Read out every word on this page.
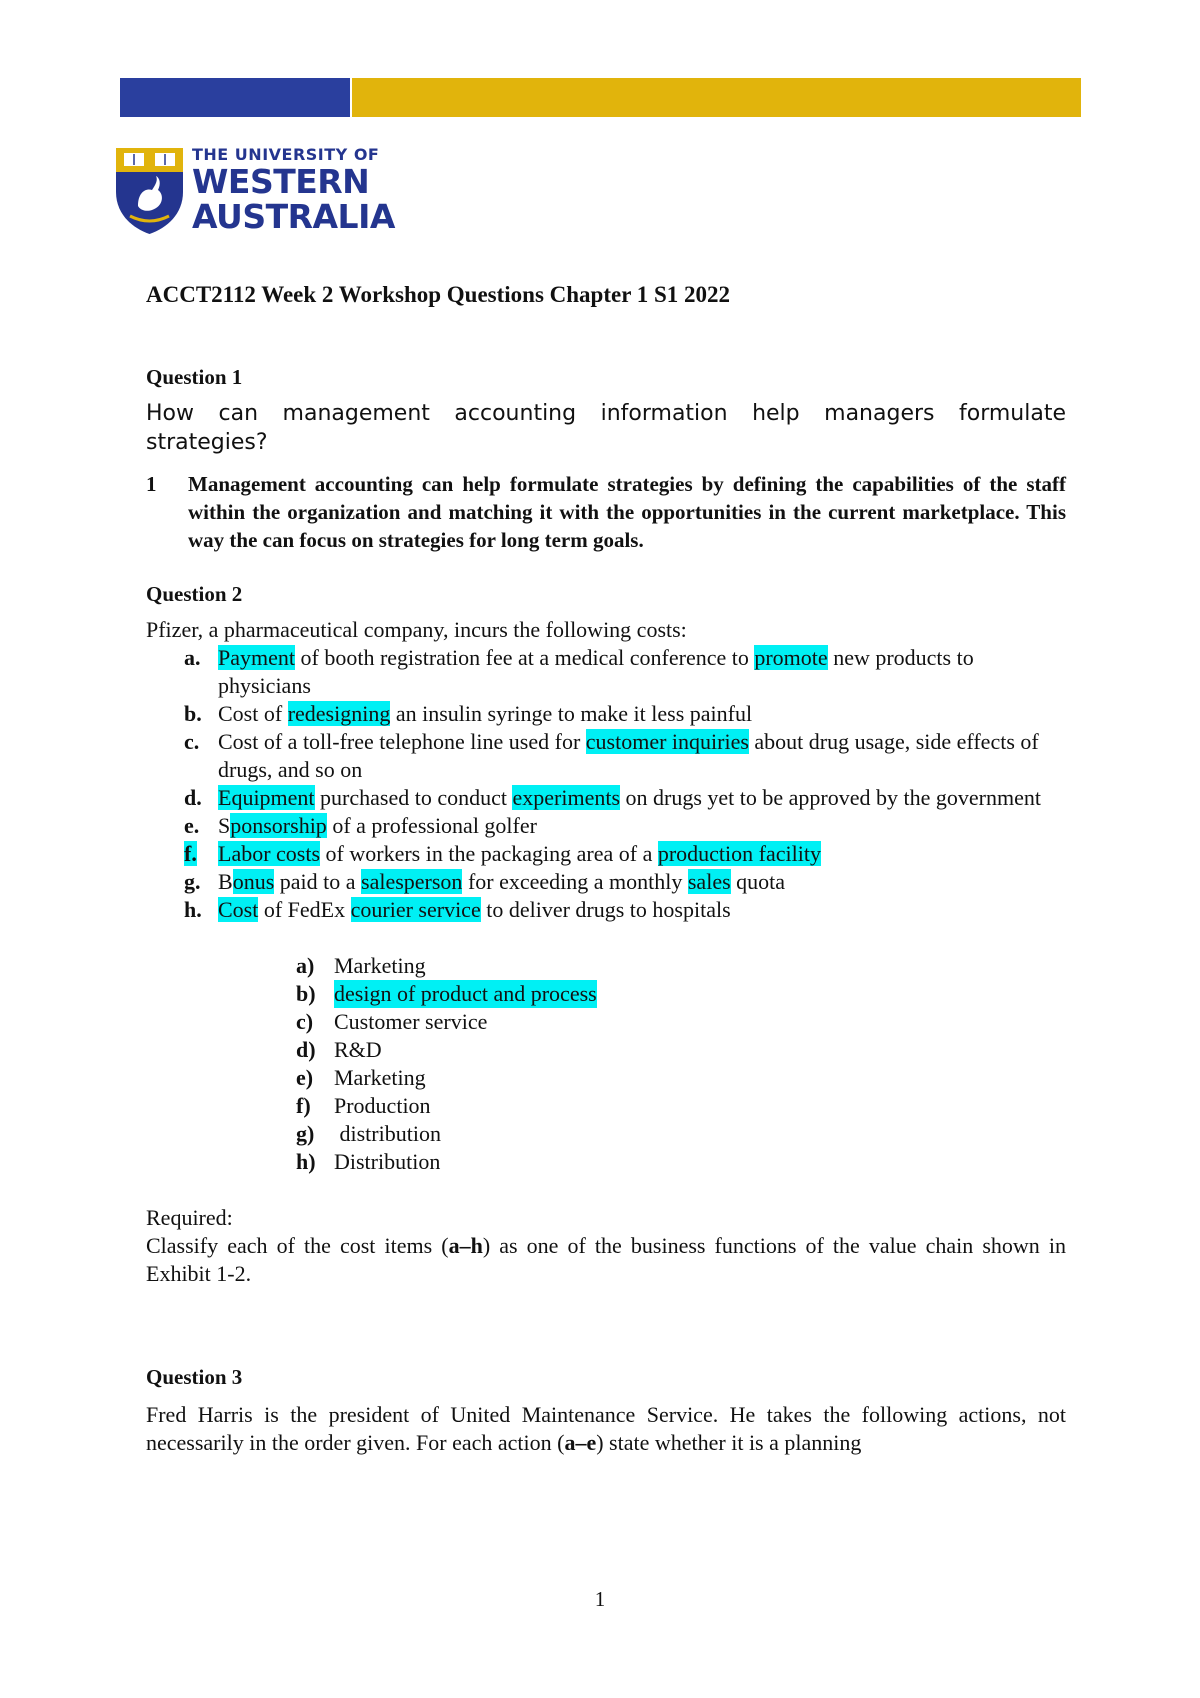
THE UNIVERSITY OF
WESTERN
AUSTRALIA

ACCT2112 Week 2 Workshop Questions Chapter 1 S1 2022

Question 1

How can management accounting information help managers formulate strategies?

1	Management accounting can help formulate strategies by defining the capabilities of the staff within the organization and matching it with the opportunities in the current marketplace. This way the can focus on strategies for long term goals.

Question 2

Pfizer, a pharmaceutical company, incurs the following costs:

a. Payment of booth registration fee at a medical conference to promote new products to physicians
b. Cost of redesigning an insulin syringe to make it less painful
c. Cost of a toll-free telephone line used for customer inquiries about drug usage, side effects of drugs, and so on
d. Equipment purchased to conduct experiments on drugs yet to be approved by the government
e. Sponsorship of a professional golfer
f. Labor costs of workers in the packaging area of a production facility
g. Bonus paid to a salesperson for exceeding a monthly sales quota
h. Cost of FedEx courier service to deliver drugs to hospitals
a) Marketing
b) design of product and process
c) Customer service
d) R&D
e) Marketing
f)	Production
g) distribution
h) Distribution

Required:

Classify each of the cost items (a–h) as one of the business functions of the value chain shown in Exhibit 1-2.

Question 3

Fred Harris is the president of United Maintenance Service. He takes the following actions, not necessarily in the order given. For each action (a–e) state whether it is a planning

1
